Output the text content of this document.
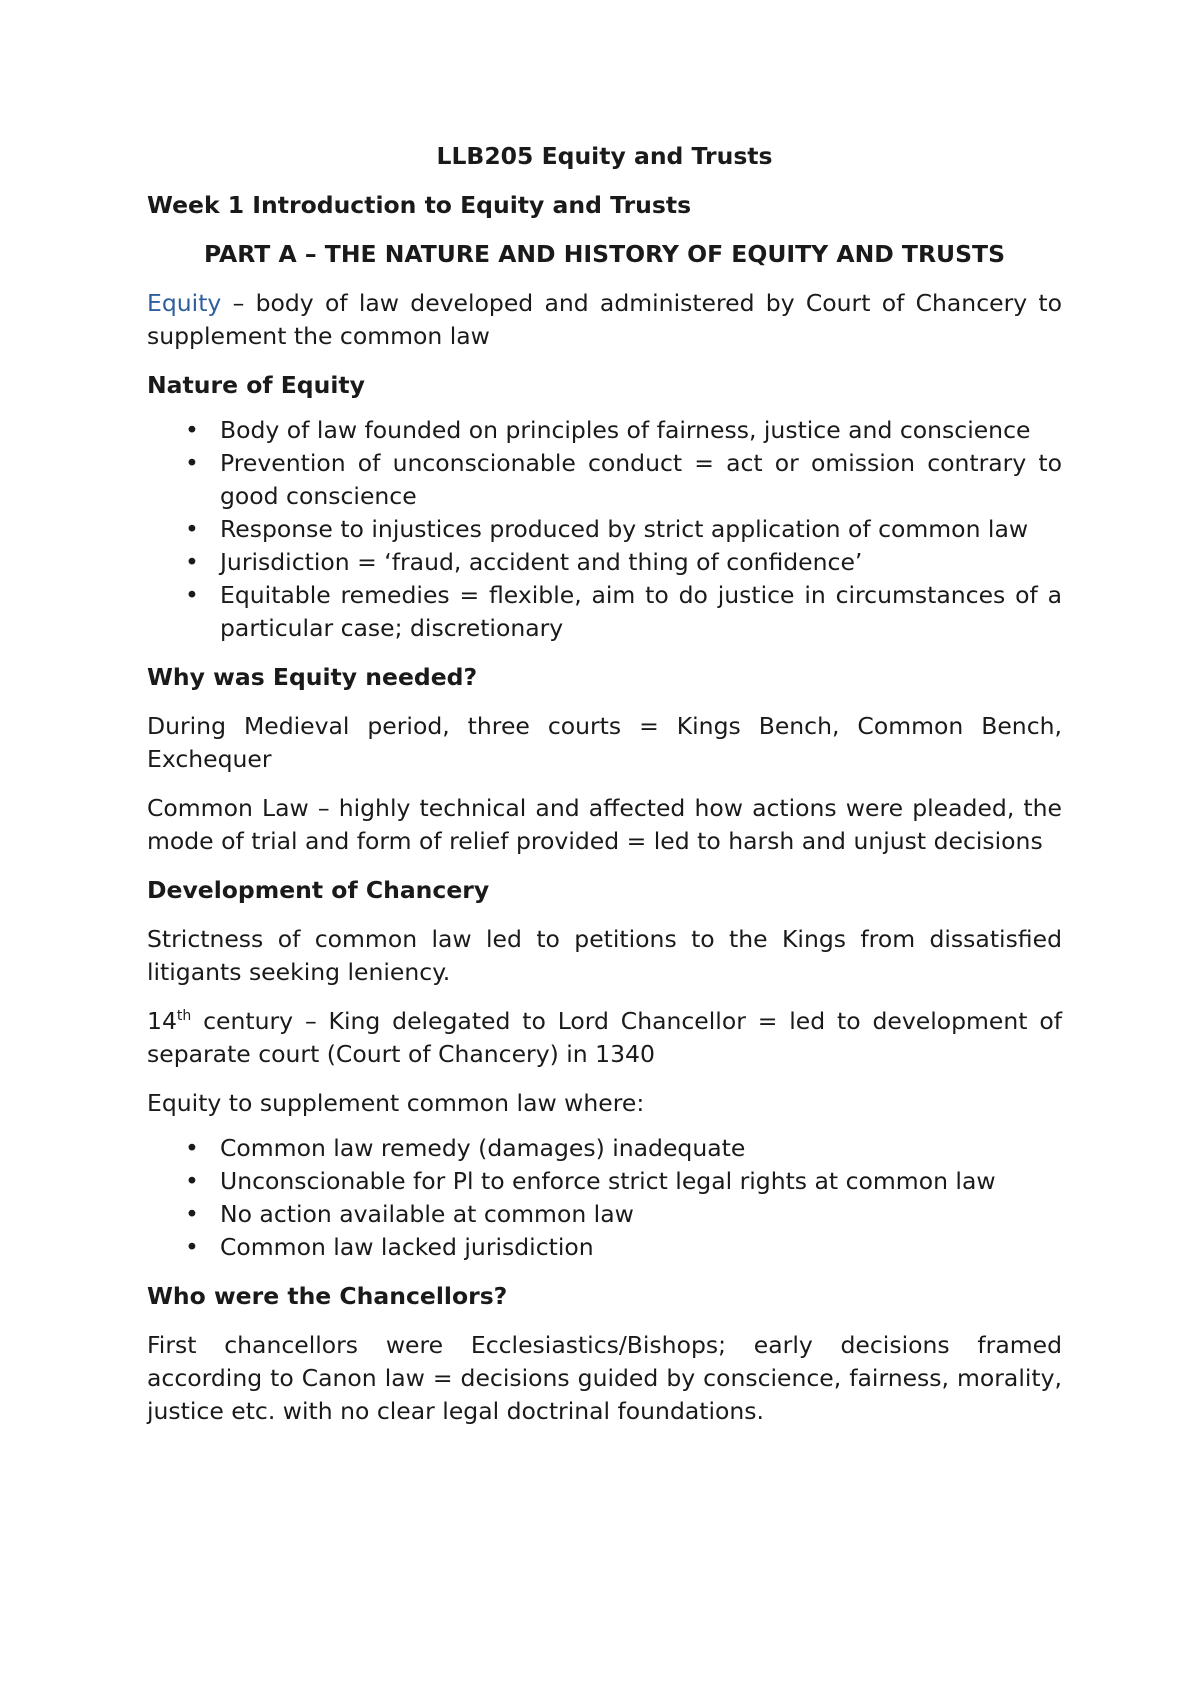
LLB205 Equity and Trusts

Week 1 Introduction to Equity and Trusts

PART A – THE NATURE AND HISTORY OF EQUITY AND TRUSTS

Equity – body of law developed and administered by Court of Chancery to supplement the common law

Nature of Equity

• Body of law founded on principles of fairness, justice and conscience
• Prevention of unconscionable conduct = act or omission contrary to good conscience
• Response to injustices produced by strict application of common law
• Jurisdiction = ‘fraud, accident and thing of confidence’
• Equitable remedies = flexible, aim to do justice in circumstances of a particular case; discretionary

Why was Equity needed?

During Medieval period, three courts = Kings Bench, Common Bench, Exchequer

Common Law – highly technical and affected how actions were pleaded, the mode of trial and form of relief provided = led to harsh and unjust decisions

Development of Chancery

Strictness of common law led to petitions to the Kings from dissatisfied litigants seeking leniency.

14th century – King delegated to Lord Chancellor = led to development of separate court (Court of Chancery) in 1340

Equity to supplement common law where:

• Common law remedy (damages) inadequate
• Unconscionable for Pl to enforce strict legal rights at common law
• No action available at common law
• Common law lacked jurisdiction

Who were the Chancellors?

First chancellors were Ecclesiastics/Bishops; early decisions framed according to Canon law = decisions guided by conscience, fairness, morality, justice etc. with no clear legal doctrinal foundations.
